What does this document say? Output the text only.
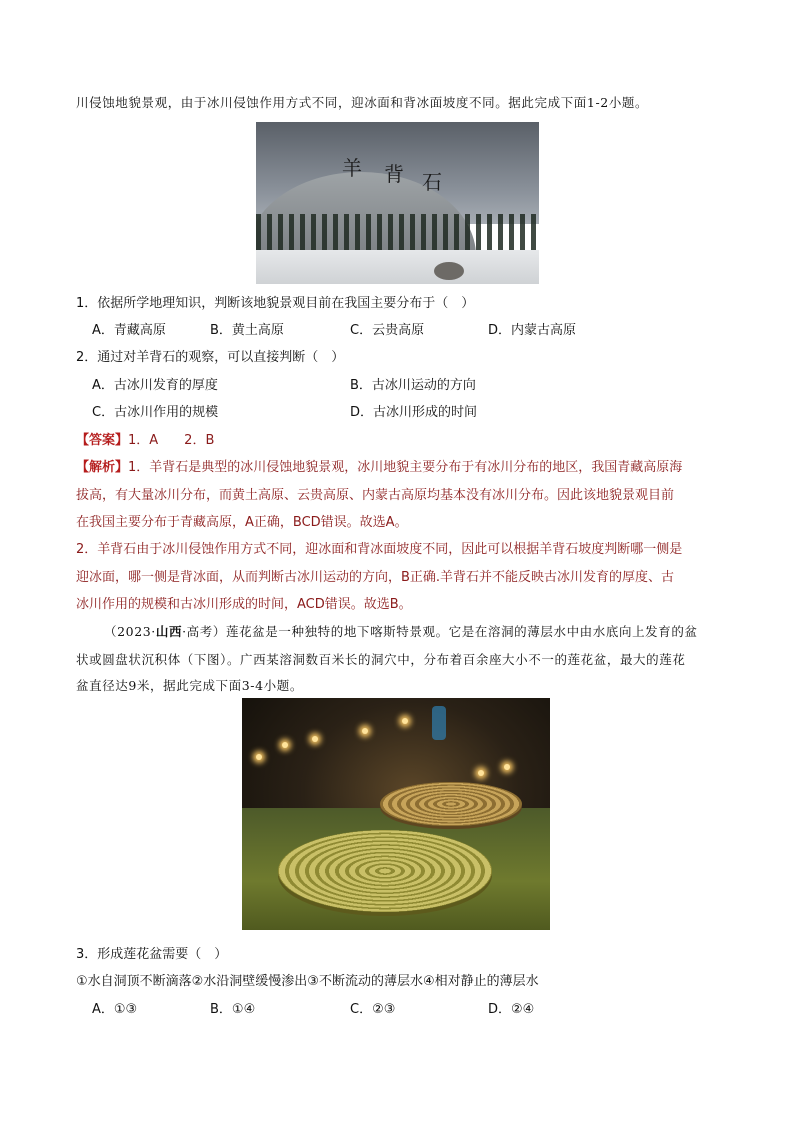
川侵蚀地貌景观，由于冰川侵蚀作用方式不同，迎冰面和背冰面坡度不同。据此完成下面1-2小题。
羊 背 石
1．依据所学地理知识，判断该地貌景观目前在我国主要分布于（　）
A．青藏高原	B．黄土高原	C．云贵高原	D．内蒙古高原
2．通过对羊背石的观察，可以直接判断（　）
A．古冰川发育的厚度	B．古冰川运动的方向
C．古冰川作用的规模	D．古冰川形成的时间
【答案】1．A　　2．B
【解析】1．羊背石是典型的冰川侵蚀地貌景观，冰川地貌主要分布于有冰川分布的地区，我国青藏高原海
拔高，有大量冰川分布，而黄土高原、云贵高原、内蒙古高原均基本没有冰川分布。因此该地貌景观目前
在我国主要分布于青藏高原，A正确，BCD错误。故选A。
2．羊背石由于冰川侵蚀作用方式不同，迎冰面和背冰面坡度不同，因此可以根据羊背石坡度判断哪一侧是
迎冰面，哪一侧是背冰面，从而判断古冰川运动的方向，B正确.羊背石并不能反映古冰川发育的厚度、古
冰川作用的规模和古冰川形成的时间，ACD错误。故选B。
（2023·山西·高考）莲花盆是一种独特的地下喀斯特景观。它是在溶洞的薄层水中由水底向上发育的盆
状或圆盘状沉积体（下图）。广西某溶洞数百米长的洞穴中，分布着百余座大小不一的莲花盆，最大的莲花
盆直径达9米，据此完成下面3-4小题。
3．形成莲花盆需要（　）
①水自洞顶不断滴落②水沿洞壁缓慢渗出③不断流动的薄层水④相对静止的薄层水
A．①③	B．①④	C．②③	D．②④
